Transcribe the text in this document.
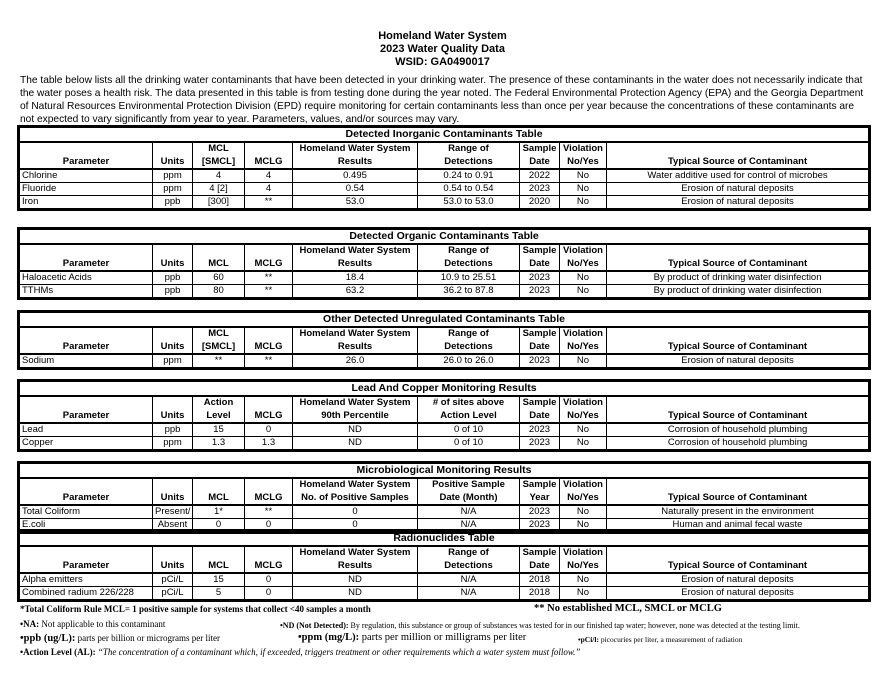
Homeland Water System
2023 Water Quality Data
WSID: GA0490017
The table below lists all the drinking water contaminants that have been detected in your drinking water. The presence of these contaminants in the water does not necessarily indicate that the water poses a health risk. The data presented in this table is from testing done during the year noted. The Federal Environmental Protection Agency (EPA) and the Georgia Department of Natural Resources Environmental Protection Division (EPD) require monitoring for certain contaminants less than once per year because the concentrations of these contaminants are not expected to vary significantly from year to year. Parameters, values, and/or sources may vary.
Detected Inorganic Contaminants Table								
		MCL		Homeland Water System	Range of	Sample	Violation	
Parameter	Units	[SMCL]	MCLG	Results	Detections	Date	No/Yes	Typical Source of Contaminant
Chlorine	ppm	4	4	0.495	0.24 to 0.91	2022	No	Water additive used for control of microbes
Fluoride	ppm	4 [2]	4	0.54	0.54 to 0.54	2023	No	Erosion of natural deposits
Iron	ppb	[300]	**	53.0	53.0 to 53.0	2020	No	Erosion of natural deposits
Detected Organic Contaminants Table								
				Homeland Water System	Range of	Sample	Violation	
Parameter	Units	MCL	MCLG	Results	Detections	Date	No/Yes	Typical Source of Contaminant
Haloacetic Acids	ppb	60	**	18.4	10.9 to 25.51	2023	No	By product of drinking water disinfection
TTHMs	ppb	80	**	63.2	36.2 to 87.8	2023	No	By product of drinking water disinfection
Other Detected Unregulated Contaminants Table								
		MCL		Homeland Water System	Range of	Sample	Violation	
Parameter	Units	[SMCL]	MCLG	Results	Detections	Date	No/Yes	Typical Source of Contaminant
Sodium	ppm	**	**	26.0	26.0 to 26.0	2023	No	Erosion of natural deposits
Lead And Copper Monitoring Results								
		Action		Homeland Water System	# of sites above	Sample	Violation	
Parameter	Units	Level	MCLG	90th Percentile	Action Level	Date	No/Yes	Typical Source of Contaminant
Lead	ppb	15	0	ND	0 of 10	2023	No	Corrosion of household plumbing
Copper	ppm	1.3	1.3	ND	0 of 10	2023	No	Corrosion of household plumbing
Microbiological Monitoring Results								
				Homeland Water System	Positive Sample	Sample	Violation	
Parameter	Units	MCL	MCLG	No. of Positive Samples	Date (Month)	Year	No/Yes	Typical Source of Contaminant
Total Coliform	Present/	1*	**	0	N/A	2023	No	Naturally present in the environment
E.coli	Absent	0	0	0	N/A	2023	No	Human and animal fecal waste
Radionuclides Table								
				Homeland Water System	Range of	Sample	Violation	
Parameter	Units	MCL	MCLG	Results	Detections	Date	No/Yes	Typical Source of Contaminant
Alpha emitters	pCi/L	15	0	ND	N/A	2018	No	Erosion of natural deposits
Combined radium 226/228	pCi/L	5	0	ND	N/A	2018	No	Erosion of natural deposits
*Total Coliform Rule MCL= 1 positive sample for systems that collect <40 samples a month	** No established MCL, SMCL or MCLG
•NA: Not applicable to this contaminant	•ND (Not Detected): By regulation, this substance or group of substances was tested for in our finished tap water; however, none was detected at the testing limit.
•ppb (ug/L): parts per billion or micrograms per liter	•ppm (mg/L): parts per million or milligrams per liter	•pCi/l: picocuries per liter, a measurement of radiation
•Action Level (AL): “The concentration of a contaminant which, if exceeded, triggers treatment or other requirements which a water system must follow.”
